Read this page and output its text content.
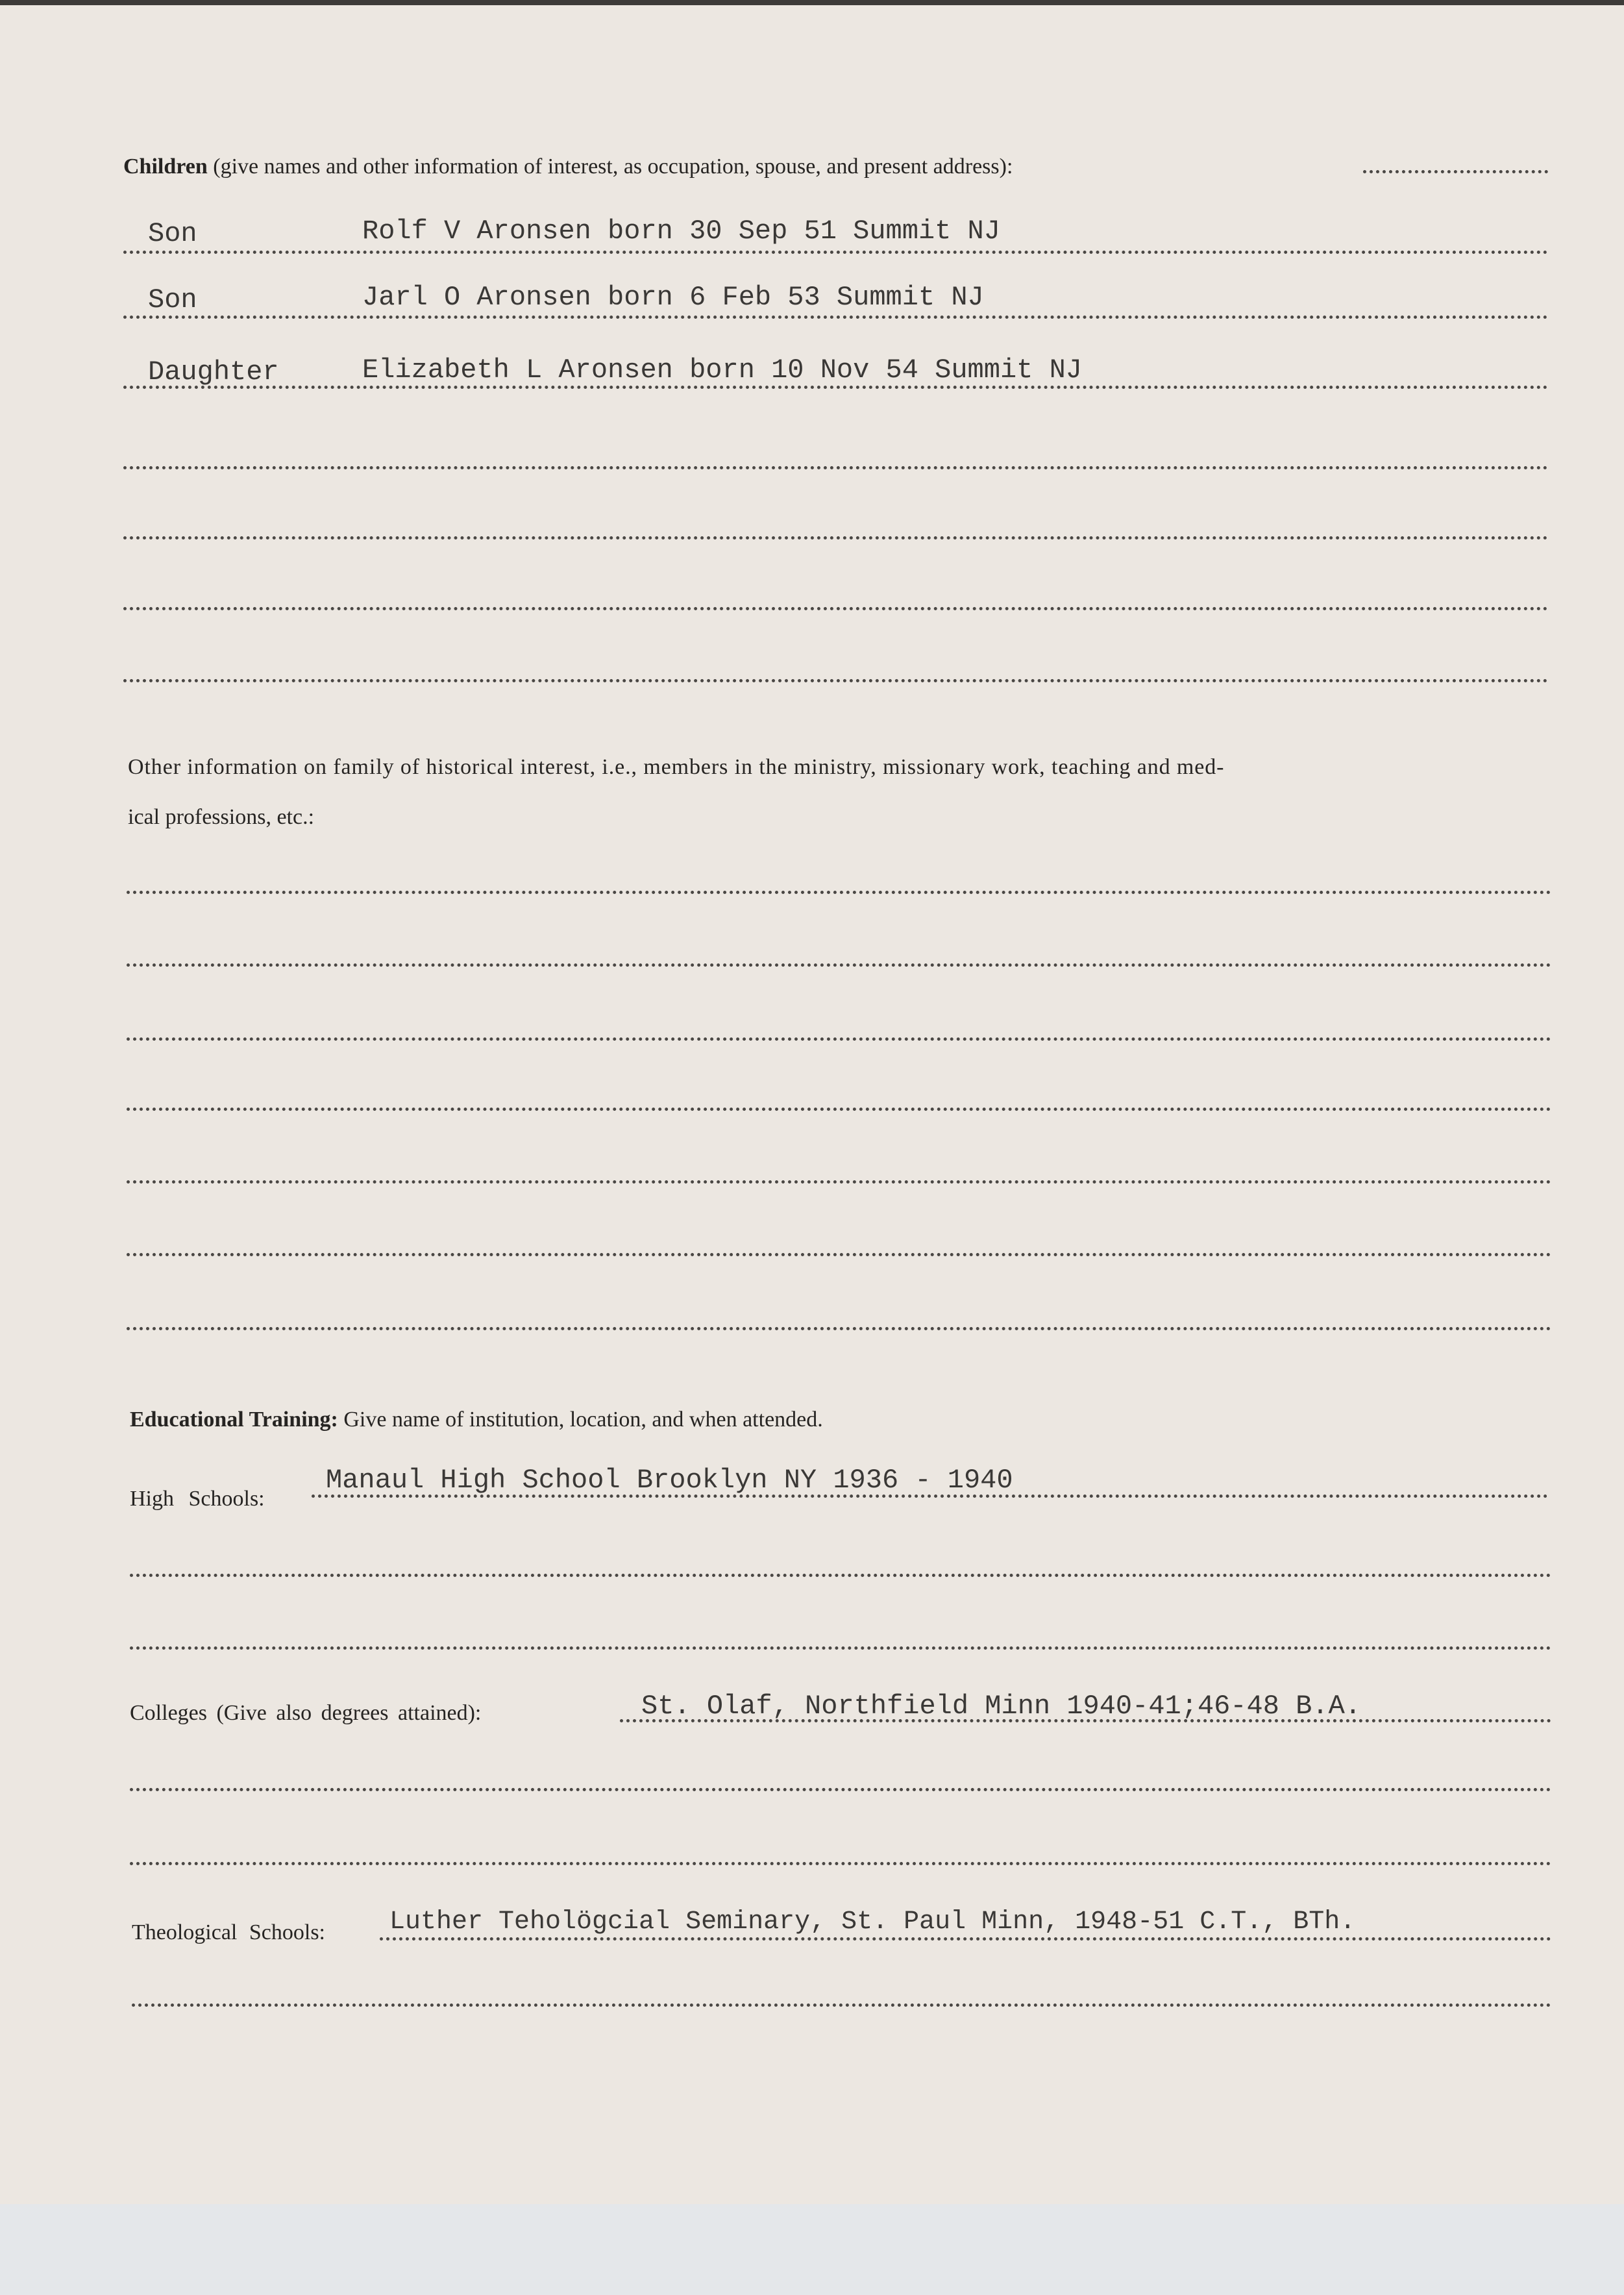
Children (give names and other information of interest, as occupation, spouse, and present address):
Son	Rolf V Aronsen born 30 Sep 51 Summit NJ
Son	Jarl O Aronsen born 6 Feb 53 Summit NJ
Daughter	Elizabeth L Aronsen born 10 Nov 54 Summit NJ
Other information on family of historical interest, i.e., members in the ministry, missionary work, teaching and med-
ical professions, etc.:
Educational Training: Give name of institution, location, and when attended.
High Schools:
Manaul High School Brooklyn NY 1936 - 1940
Colleges (Give also degrees attained):	St. Olaf, Northfield Minn 1940-41;46-48 B.A.
Theological Schools: Luther Teholögcial Seminary, St. Paul Minn, 1948-51 C.T., BTh.
